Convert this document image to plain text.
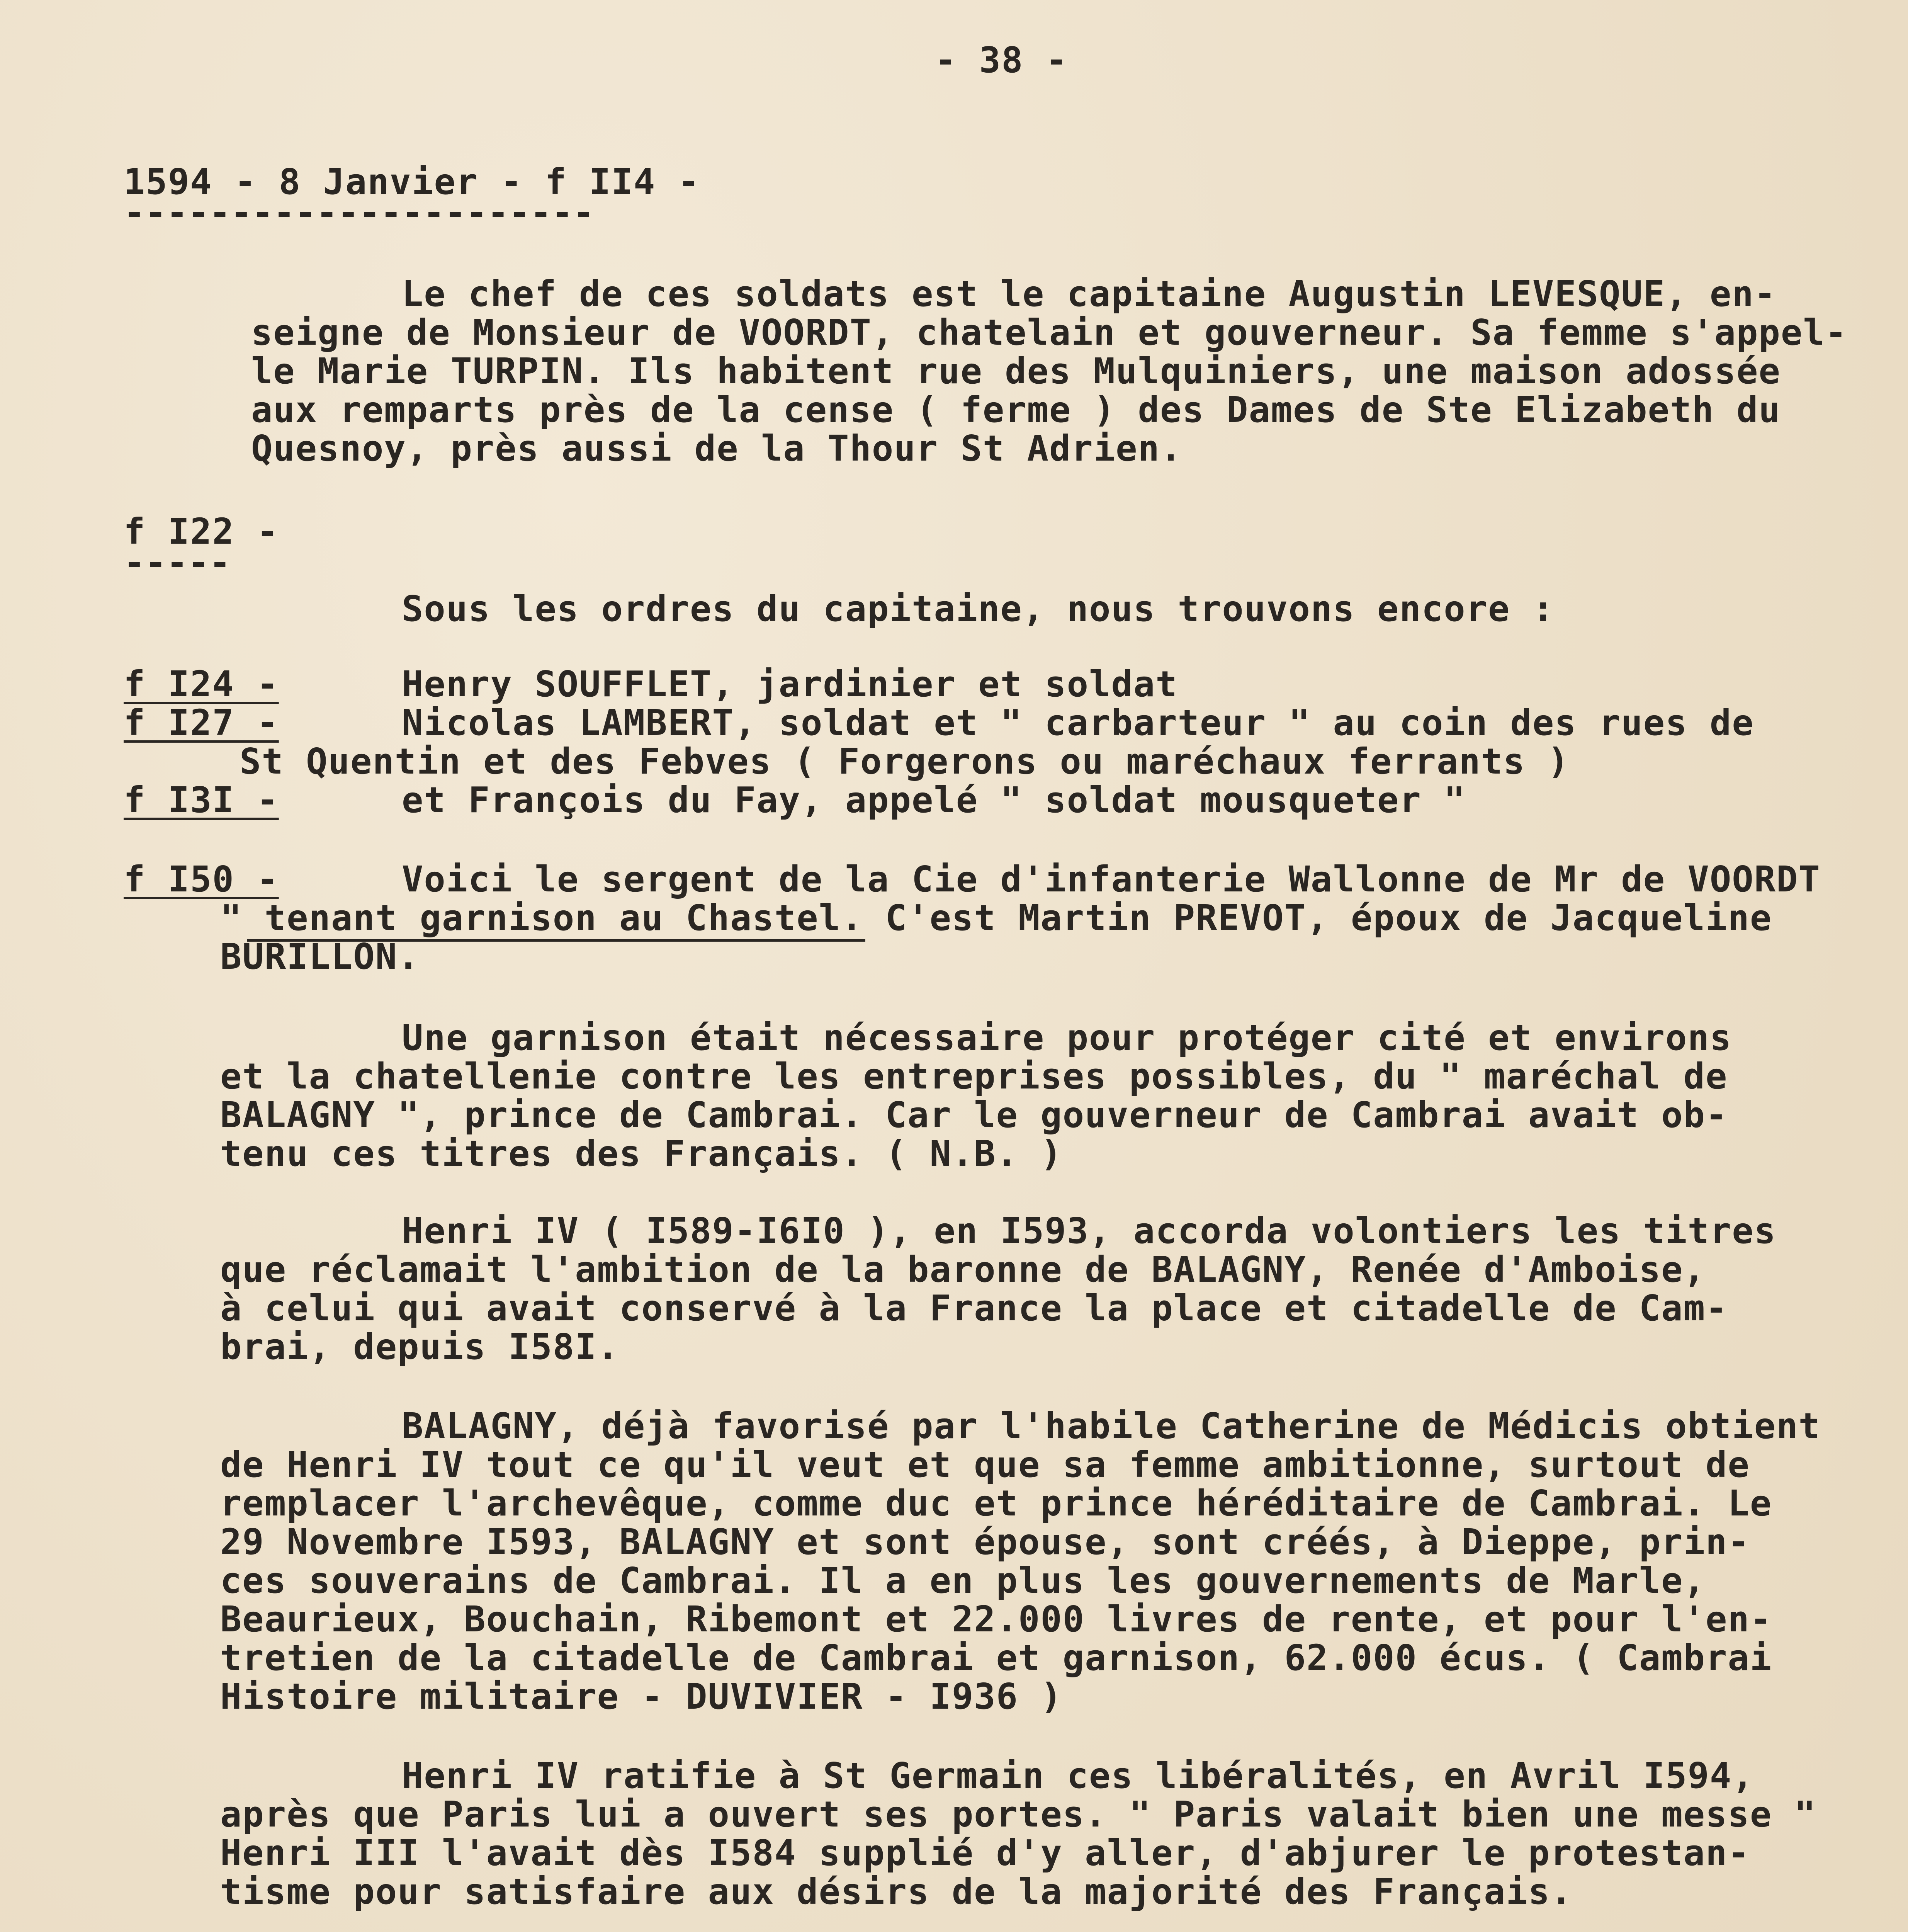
- 38 -
1594 - 8 Janvier - f II4 -
----------------------
Le chef de ces soldats est le capitaine Augustin LEVESQUE, en-
seigne de Monsieur de VOORDT, chatelain et gouverneur. Sa femme s'appel-
le Marie TURPIN. Ils habitent rue des Mulquiniers, une maison adossée
aux remparts près de la cense ( ferme ) des Dames de Ste Elizabeth du
Quesnoy, près aussi de la Thour St Adrien.
f I22 -
-----
Sous les ordres du capitaine, nous trouvons encore :
f I24 -	Henry SOUFFLET, jardinier et soldat
f I27 -	Nicolas LAMBERT, soldat et " carbarteur " au coin des rues de
St Quentin et des Febves ( Forgerons ou maréchaux ferrants )
f I3I -	et François du Fay, appelé " soldat mousqueter "
f I50 -	Voici le sergent de la Cie d'infanterie Wallonne de Mr de VOORDT
" tenant garnison au Chastel. C'est Martin PREVOT, époux de Jacqueline
BURILLON.
Une garnison était nécessaire pour protéger cité et environs
et la chatellenie contre les entreprises possibles, du " maréchal de
BALAGNY ", prince de Cambrai. Car le gouverneur de Cambrai avait ob-
tenu ces titres des Français. ( N.B. )
Henri IV ( I589-I6I0 ), en I593, accorda volontiers les titres
que réclamait l'ambition de la baronne de BALAGNY, Renée d'Amboise,
à celui qui avait conservé à la France la place et citadelle de Cam-
brai, depuis I58I.
BALAGNY, déjà favorisé par l'habile Catherine de Médicis obtient
de Henri IV tout ce qu'il veut et que sa femme ambitionne, surtout de
remplacer l'archevêque, comme duc et prince héréditaire de Cambrai. Le
29 Novembre I593, BALAGNY et sont épouse, sont créés, à Dieppe, prin-
ces souverains de Cambrai. Il a en plus les gouvernements de Marle,
Beaurieux, Bouchain, Ribemont et 22.000 livres de rente, et pour l'en-
tretien de la citadelle de Cambrai et garnison, 62.000 écus. ( Cambrai
Histoire militaire - DUVIVIER - I936 )
Henri IV ratifie à St Germain ces libéralités, en Avril I594,
après que Paris lui a ouvert ses portes. " Paris valait bien une messe "
Henri III l'avait dès I584 supplié d'y aller, d'abjurer le protestan-
tisme pour satisfaire aux désirs de la majorité des Français.
